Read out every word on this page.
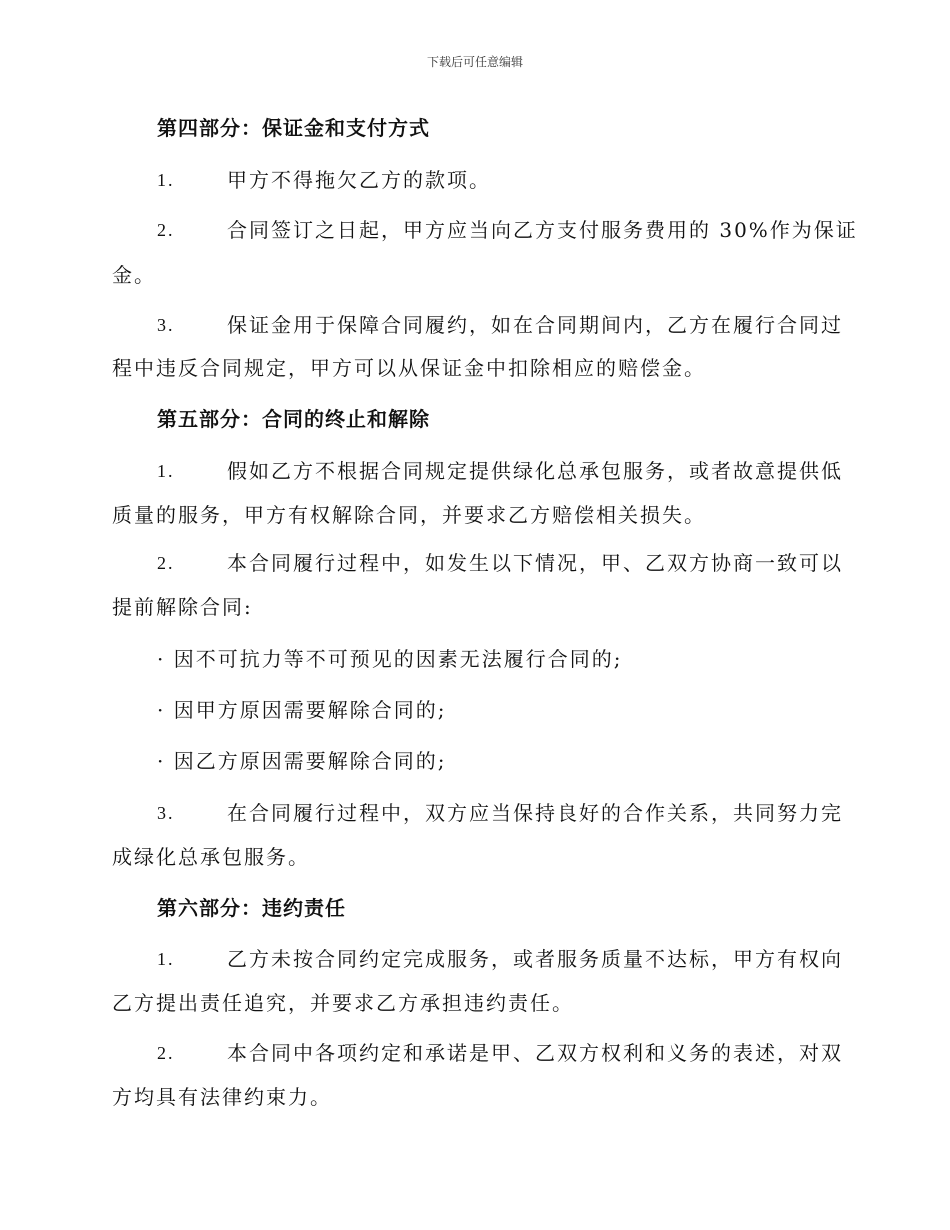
下载后可任意编辑
第四部分：保证金和支付方式
1.	甲方不得拖欠乙方的款项。
2.	合同签订之日起，甲方应当向乙方支付服务费用的 30%作为保证
金。
3.	保证金用于保障合同履约，如在合同期间内，乙方在履行合同过
程中违反合同规定，甲方可以从保证金中扣除相应的赔偿金。
第五部分：合同的终止和解除
1.	假如乙方不根据合同规定提供绿化总承包服务，或者故意提供低
质量的服务，甲方有权解除合同，并要求乙方赔偿相关损失。
2.	本合同履行过程中，如发生以下情况，甲、乙双方协商一致可以
提前解除合同:
· 因不可抗力等不可预见的因素无法履行合同的;
· 因甲方原因需要解除合同的;
· 因乙方原因需要解除合同的;
3.	在合同履行过程中，双方应当保持良好的合作关系，共同努力完
成绿化总承包服务。
第六部分：违约责任
1.	乙方未按合同约定完成服务，或者服务质量不达标，甲方有权向
乙方提出责任追究，并要求乙方承担违约责任。
2.	本合同中各项约定和承诺是甲、乙双方权利和义务的表述，对双
方均具有法律约束力。
